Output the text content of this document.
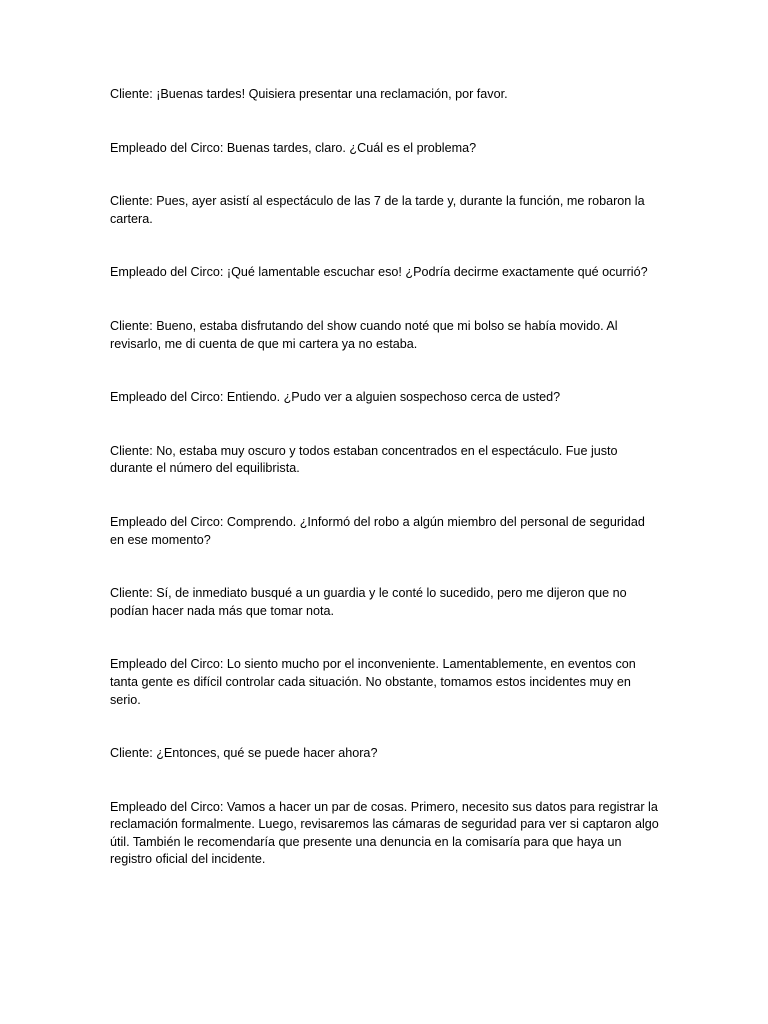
Cliente: ¡Buenas tardes! Quisiera presentar una reclamación, por favor.

Empleado del Circo: Buenas tardes, claro. ¿Cuál es el problema?

Cliente: Pues, ayer asistí al espectáculo de las 7 de la tarde y, durante la función, me robaron la cartera.

Empleado del Circo: ¡Qué lamentable escuchar eso! ¿Podría decirme exactamente qué ocurrió?

Cliente: Bueno, estaba disfrutando del show cuando noté que mi bolso se había movido. Al revisarlo, me di cuenta de que mi cartera ya no estaba.

Empleado del Circo: Entiendo. ¿Pudo ver a alguien sospechoso cerca de usted?

Cliente: No, estaba muy oscuro y todos estaban concentrados en el espectáculo. Fue justo durante el número del equilibrista.

Empleado del Circo: Comprendo. ¿Informó del robo a algún miembro del personal de seguridad en ese momento?

Cliente: Sí, de inmediato busqué a un guardia y le conté lo sucedido, pero me dijeron que no podían hacer nada más que tomar nota.

Empleado del Circo: Lo siento mucho por el inconveniente. Lamentablemente, en eventos con tanta gente es difícil controlar cada situación. No obstante, tomamos estos incidentes muy en serio.

Cliente: ¿Entonces, qué se puede hacer ahora?

Empleado del Circo: Vamos a hacer un par de cosas. Primero, necesito sus datos para registrar la reclamación formalmente. Luego, revisaremos las cámaras de seguridad para ver si captaron algo útil. También le recomendaría que presente una denuncia en la comisaría para que haya un registro oficial del incidente.
